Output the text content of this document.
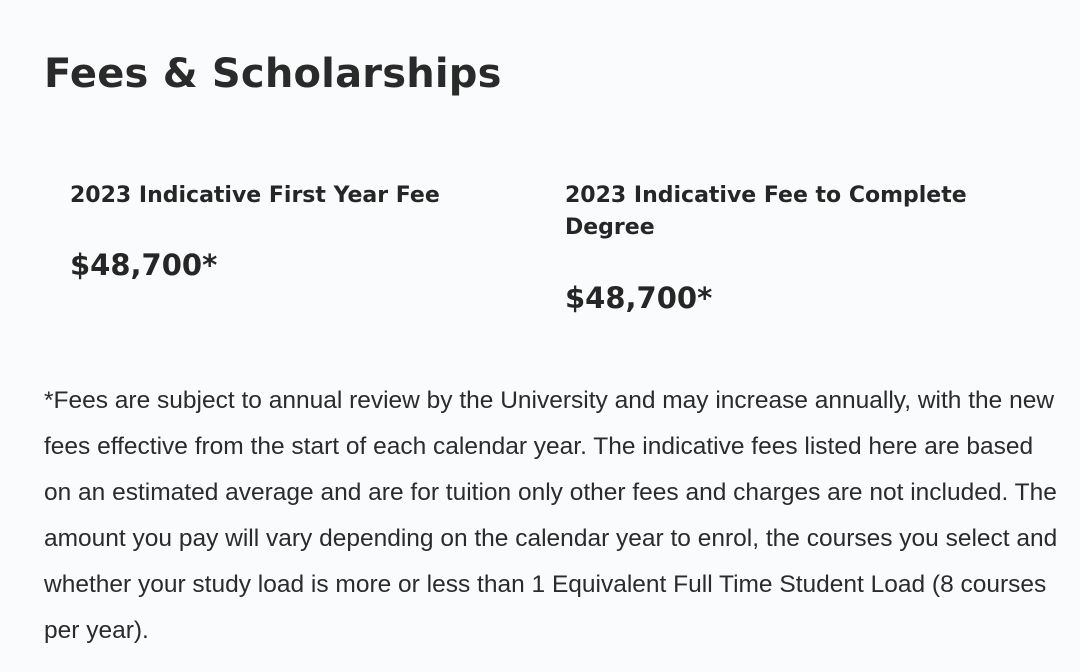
Fees & Scholarships

2023 Indicative First Year Fee

$48,700*

2023 Indicative Fee to Complete Degree

$48,700*

*Fees are subject to annual review by the University and may increase annually, with the new fees effective from the start of each calendar year. The indicative fees listed here are based on an estimated average and are for tuition only other fees and charges are not included. The amount you pay will vary depending on the calendar year to enrol, the courses you select and whether your study load is more or less than 1 Equivalent Full Time Student Load (8 courses per year).
